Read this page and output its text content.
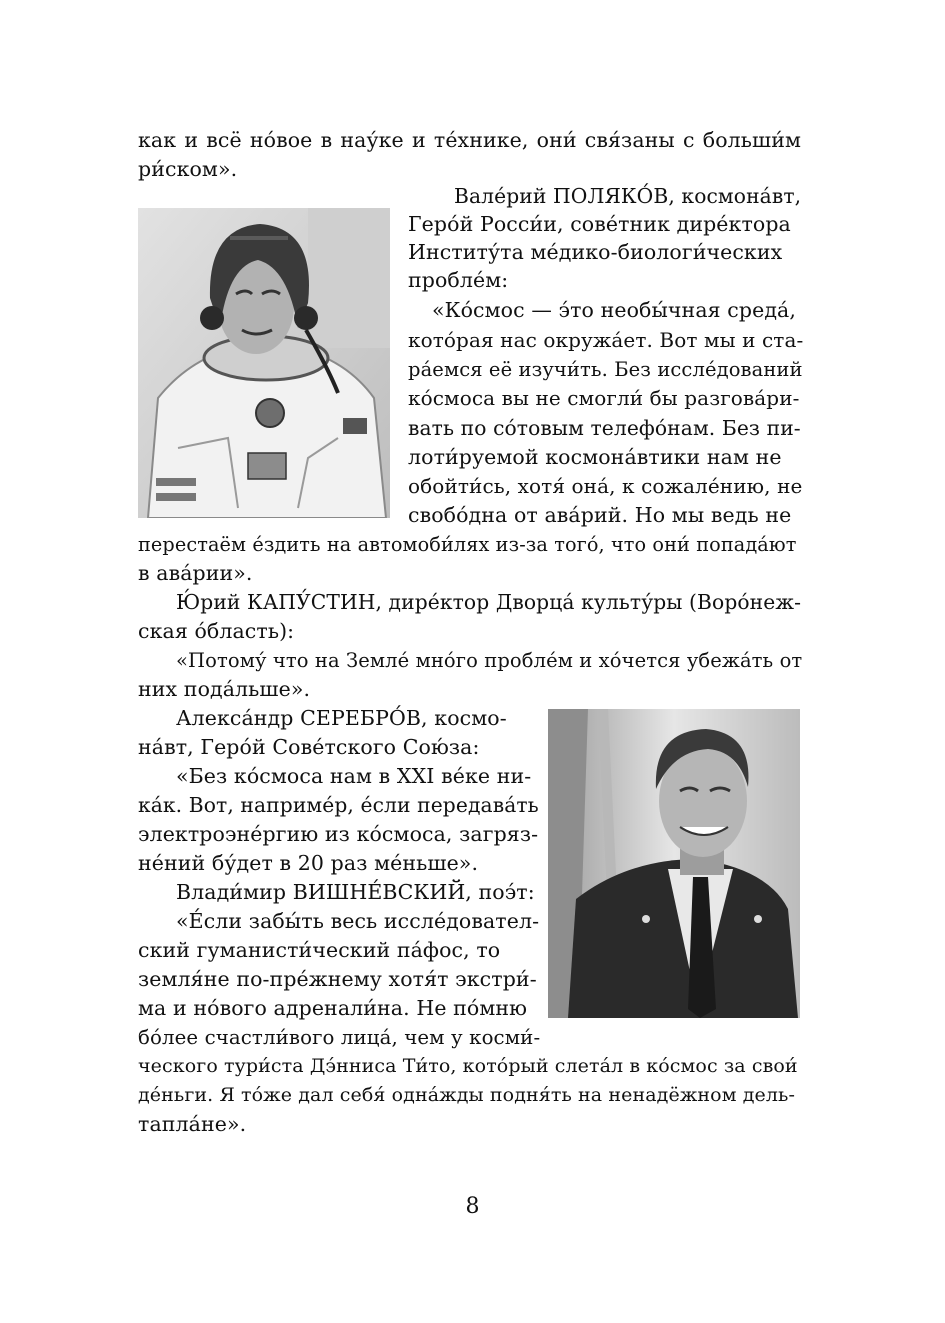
как и всё но́вое в нау́ке и те́хнике, они́ свя́заны с больши́м
ри́ском».
Вале́рий ПОЛЯКО́В, космона́вт,
Геро́й Росси́и, сове́тник дире́ктора
Институ́та ме́дико-биологи́ческих
пробле́м:
«Ко́смос — э́то необы́чная среда́,
кото́рая нас окружа́ет. Вот мы и ста-
ра́емся её изучи́ть. Без иссле́дований
ко́смоса вы не смогли́ бы разгова́ри-
вать по со́товым телефо́нам. Без пи-
лоти́руемой космона́втики нам не
обойти́сь, хотя́ она́, к сожале́нию, не
свобо́дна от ава́рий. Но мы ведь не
перестаём е́здить на автомоби́лях из-за того́, что они́ попада́ют
в ава́рии».
Ю́рий КАПУ́СТИН, дире́ктор Дворца́ культу́ры (Воро́неж-
ская о́бласть):
«Потому́ что на Земле́ мно́го пробле́м и хо́чется убежа́ть от
них пода́льше».
Алекса́ндр СЕРЕБРО́В, космо-
на́вт, Геро́й Сове́тского Сою́за:
«Без ко́смоса нам в XXI ве́ке ни-
ка́к. Вот, наприме́р, е́сли передава́ть
электроэне́ргию из ко́смоса, загряз-
не́ний бу́дет в 20 раз ме́ньше».
Влади́мир ВИШНЕ́ВСКИЙ, поэ́т:
«Е́сли забы́ть весь иссле́довател-
ский гуманисти́ческий па́фос, то
земля́не по-пре́жнему хотя́т экстри́-
ма и но́вого адренали́на. Не по́мню
бо́лее счастли́вого лица́, чем у косми́-
ческого тури́ста Дэ́нниса Ти́то, кото́рый слета́л в ко́смос за свои́
де́ньги. Я то́же дал себя́ одна́жды подня́ть на ненадёжном дель-
тапла́не».
8
